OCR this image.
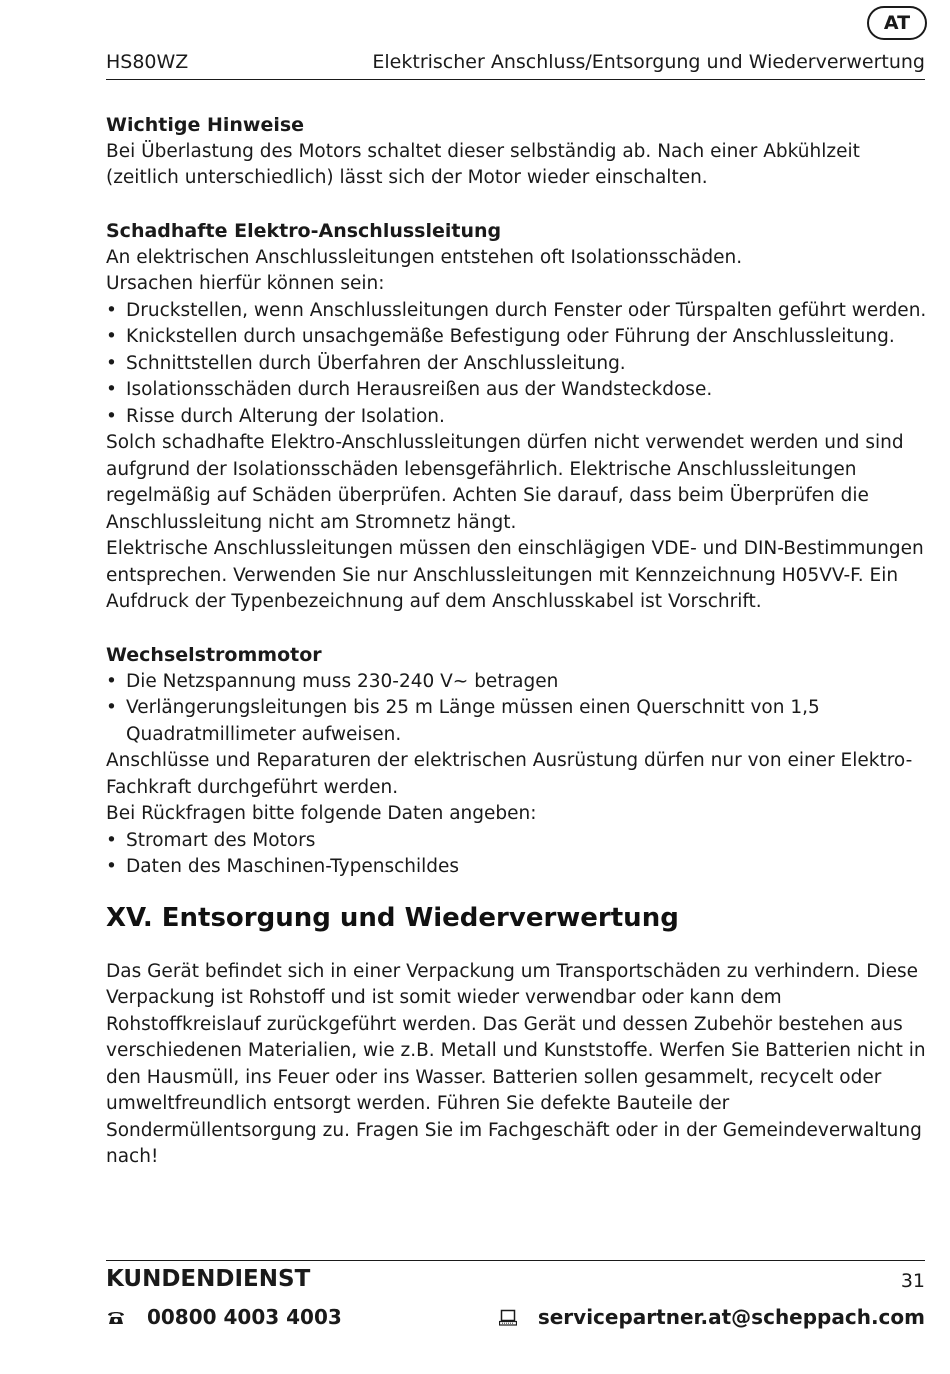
AT
HS80WZ	Elektrischer Anschluss/Entsorgung und Wiederverwertung

Wichtige Hinweise

Bei Überlastung des Motors schaltet dieser selbständig ab. Nach einer Abkühlzeit (zeitlich unterschiedlich) lässt sich der Motor wieder einschalten.

Schadhafte Elektro-Anschlussleitung

An elektrischen Anschlussleitungen entstehen oft Isolationsschäden.

Ursachen hierfür können sein:

• Druckstellen, wenn Anschlussleitungen durch Fenster oder Türspalten geführt werden.
• Knickstellen durch unsachgemäße Befestigung oder Führung der Anschlussleitung.
• Schnittstellen durch Überfahren der Anschlussleitung.
• Isolationsschäden durch Herausreißen aus der Wandsteckdose.
• Risse durch Alterung der Isolation.

Solch schadhafte Elektro-Anschlussleitungen dürfen nicht verwendet werden und sind aufgrund der Isolationsschäden lebensgefährlich. Elektrische Anschlussleitungen regelmäßig auf Schäden überprüfen. Achten Sie darauf, dass beim Überprüfen die Anschlussleitung nicht am Stromnetz hängt.

Elektrische Anschlussleitungen müssen den einschlägigen VDE- und DIN-Bestimmungen entsprechen. Verwenden Sie nur Anschlussleitungen mit Kennzeichnung H05VV-F. Ein Aufdruck der Typenbezeichnung auf dem Anschlusskabel ist Vorschrift.

Wechselstrommotor

• Die Netzspannung muss 230-240 V~ betragen
• Verlängerungsleitungen bis 25 m Länge müssen einen Querschnitt von 1,5 Quadratmillimeter aufweisen.

Anschlüsse und Reparaturen der elektrischen Ausrüstung dürfen nur von einer Elektro-Fachkraft durchgeführt werden.

Bei Rückfragen bitte folgende Daten angeben:

• Stromart des Motors
• Daten des Maschinen-Typenschildes
XV. Entsorgung und Wiederverwertung

Das Gerät befindet sich in einer Verpackung um Transportschäden zu verhindern. Diese Verpackung ist Rohstoff und ist somit wieder verwendbar oder kann dem Rohstoffkreislauf zurückgeführt werden. Das Gerät und dessen Zubehör bestehen aus verschiedenen Materialien, wie z.B. Metall und Kunststoffe. Werfen Sie Batterien nicht in den Hausmüll, ins Feuer oder ins Wasser. Batterien sollen gesammelt, recycelt oder umweltfreundlich entsorgt werden. Führen Sie defekte Bauteile der Sondermüllentsorgung zu. Fragen Sie im Fachgeschäft oder in der Gemeindeverwaltung nach!

KUNDENDIENST	31
00800 4003 4003	servicepartner.at@scheppach.com
